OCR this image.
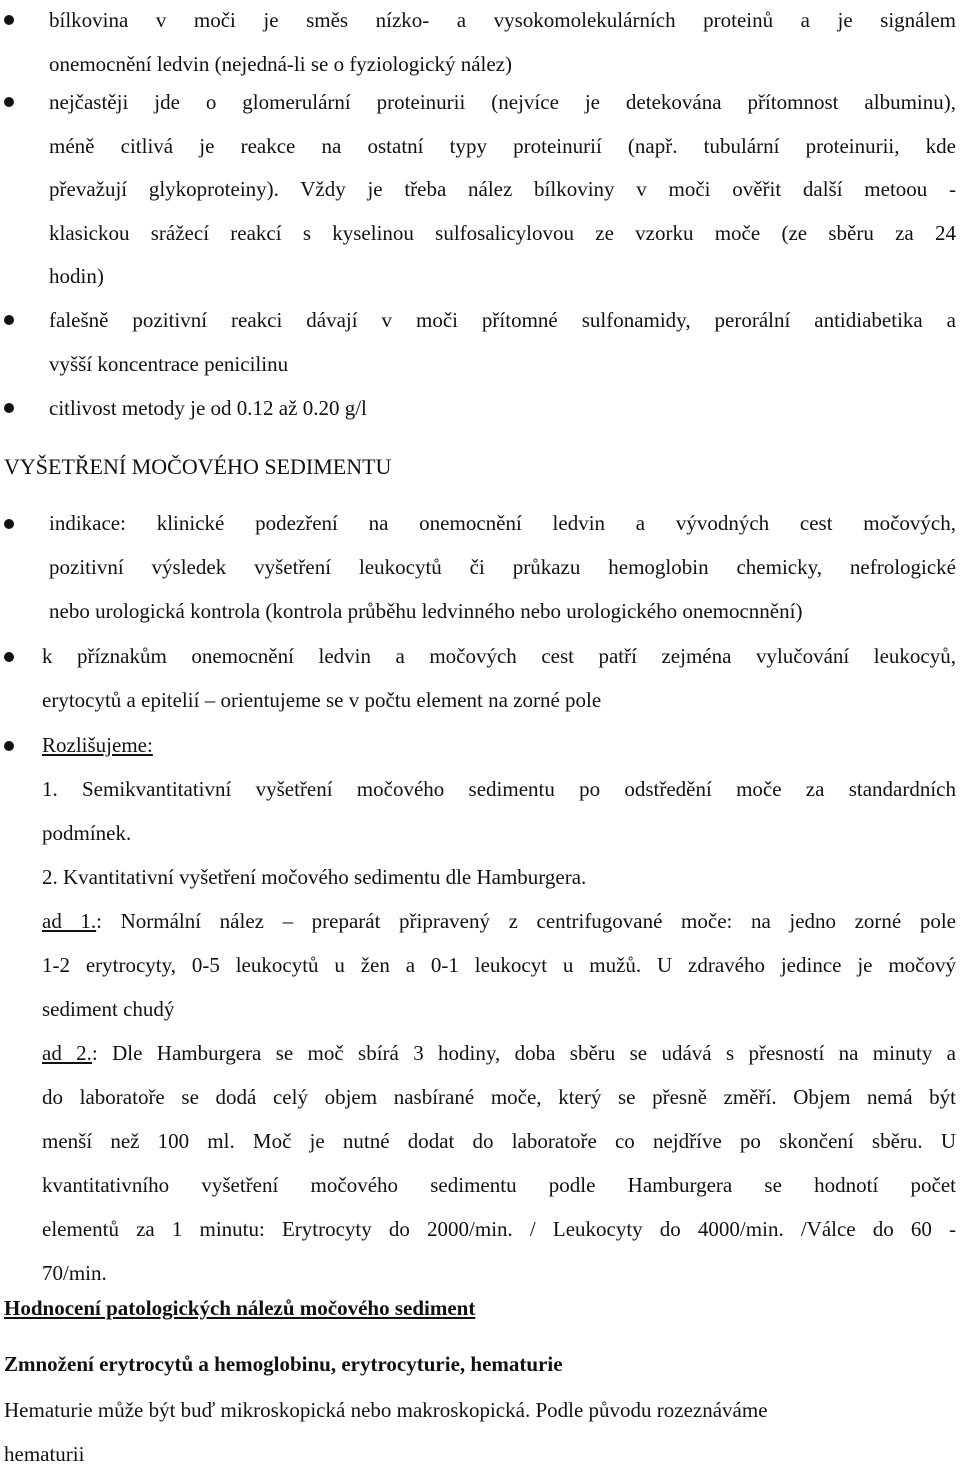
bílkovina v moči je směs nízko- a vysokomolekulárních proteinů a je signálem
onemocnění ledvin (nejedná-li se o fyziologický nález)
nejčastěji jde o glomerulární proteinurii (nejvíce je detekována přítomnost albuminu),
méně citlivá je reakce na ostatní typy proteinurií (např. tubulární proteinurii, kde
převažují glykoproteiny). Vždy je třeba nález bílkoviny v moči ověřit další metoou -
klasickou srážecí reakcí s kyselinou sulfosalicylovou ze vzorku moče (ze sběru za 24
hodin)
falešně pozitivní reakci dávají v moči přítomné sulfonamidy, perorální antidiabetika a
vyšší koncentrace penicilinu
citlivost metody je od 0.12 až 0.20 g/l
VYŠETŘENÍ MOČOVÉHO SEDIMENTU
indikace: klinické podezření na onemocnění ledvin a vývodných cest močových,
pozitivní výsledek vyšetření leukocytů či průkazu hemoglobin chemicky, nefrologické
nebo urologická kontrola (kontrola průběhu ledvinného nebo urologického onemocnnění)
k příznakům onemocnění ledvin a močových cest patří zejména vylučování leukocyů,
erytocytů a epitelií – orientujeme se v počtu element na zorné pole
Rozlišujeme:
1. Semikvantitativní vyšetření močového sedimentu po odstředění moče za standardních
podmínek.
2. Kvantitativní vyšetření močového sedimentu dle Hamburgera.
ad 1.: Normální nález – preparát připravený z centrifugované moče: na jedno zorné pole
1-2 erytrocyty, 0-5 leukocytů u žen a 0-1 leukocyt u mužů. U zdravého jedince je močový
sediment chudý
ad 2.: Dle Hamburgera se moč sbírá 3 hodiny, doba sběru se udává s přesností na minuty a
do laboratoře se dodá celý objem nasbírané moče, který se přesně změří. Objem nemá být
menší než 100 ml. Moč je nutné dodat do laboratoře co nejdříve po skončení sběru. U
kvantitativního vyšetření močového sedimentu podle Hamburgera se hodnotí počet
elementů za 1 minutu: Erytrocyty do 2000/min. / Leukocyty do 4000/min. /Válce do 60 -
70/min.
Hodnocení patologických nálezů močového sediment
Zmnožení erytrocytů a hemoglobinu, erytrocyturie, hematurie
Hematurie může být buď mikroskopická nebo makroskopická. Podle původu rozeznáváme
hematurii
